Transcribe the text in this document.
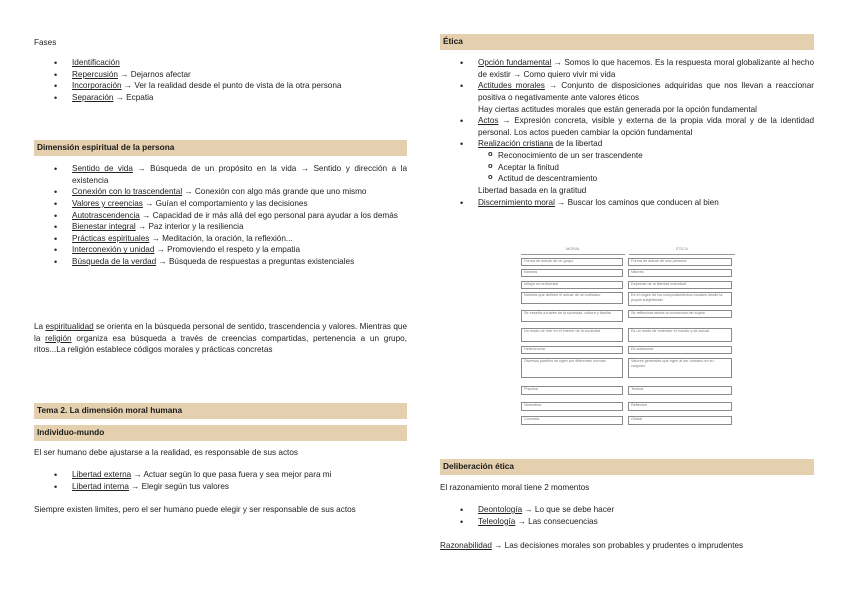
Fases

• Identificación
• Repercusión → Dejarnos afectar
• Incorporación → Ver la realidad desde el punto de vista de la otra persona
• Separación → Ecpatia
Dimensión espiritual de la persona
• Sentido de vida → Búsqueda de un propósito en la vida → Sentido y dirección a la existencia
• Conexión con lo trascendental → Conexión con algo más grande que uno mismo
• Valores y creencias → Guían el comportamiento y las decisiones
• Autotrascendencia → Capacidad de ir más allá del ego personal para ayudar a los demás
• Bienestar integral → Paz interior y la resiliencia
• Prácticas espirituales → Meditación, la oración, la reflexión...
• Interconexión y unidad → Promoviendo el respeto y la empatia
• Búsqueda de la verdad → Búsqueda de respuestas a preguntas existenciales

La espiritualidad se orienta en la búsqueda personal de sentido, trascendencia y valores. Mientras que la religión organiza esa búsqueda a través de creencias compartidas, pertenencia a un grupo, ritos...La religión establece códigos morales y prácticas concretas

Tema 2. La dimensión moral humana
Individuo-mundo

El ser humano debe ajustarse a la realidad, es responsable de sus actos

• Libertad externa → Actuar según lo que pasa fuera y sea mejor para mi
• Libertad interna → Elegir según tus valores

Siempre existen limites, pero el ser humano puede elegir y ser responsable de sus actos

Ética
• Opción fundamental → Somos lo que hacemos. Es la respuesta moral globalizante al hecho de existir → Como quiero vivir mi vida
• Actitudes morales → Conjunto de disposiciones adquiridas que nos llevan a reaccionar positiva o negativamente ante valores éticos
Hay ciertas actitudes morales que están generada por la opción fundamental
• Actos → Expresión concreta, visible y externa de la propia vida moral y de la identidad personal. Los actos pueden cambiar la opción fundamental
• Realización cristiana de la libertad
o Reconocimiento de un ser trascendente
o Aceptar la finitud
o Actitud de descentramiento
Libertad basada en la gratitud
• Discernimiento moral → Buscar los caminos que conducen al bien
Deliberación ética

El razonamiento moral tiene 2 momentos

• Deontología → Lo que se debe hacer
• Teleología → Las consecuencias

Razonabilidad → Las decisiones morales son probables y prudentes o imprudentes

MORAL	ÉTICA
Forma de actuar de un grupo	Forma de actuar de una persona
Normas	Valores
Influye en la libertad	Depende de la libertad individual
Normas que definen el actuar de un individuo	Es el origen de los comportamientos morales desde la propia subjetividad
Se enseña a través de la sociedad, cultura y familia	Se reflexiona desde la conciencia del sujeto
Un modo de vivir en el interior de la sociedad	Es un modo de entender el mundo y de actuar
Heterónoma	Es autónoma
Diversos pueblos se rigen por diferentes normas	Valores generales que rigen al ser humano en su conjunto
Practica	Teórica
Normativa	Reflexiva
Concreta	Global
